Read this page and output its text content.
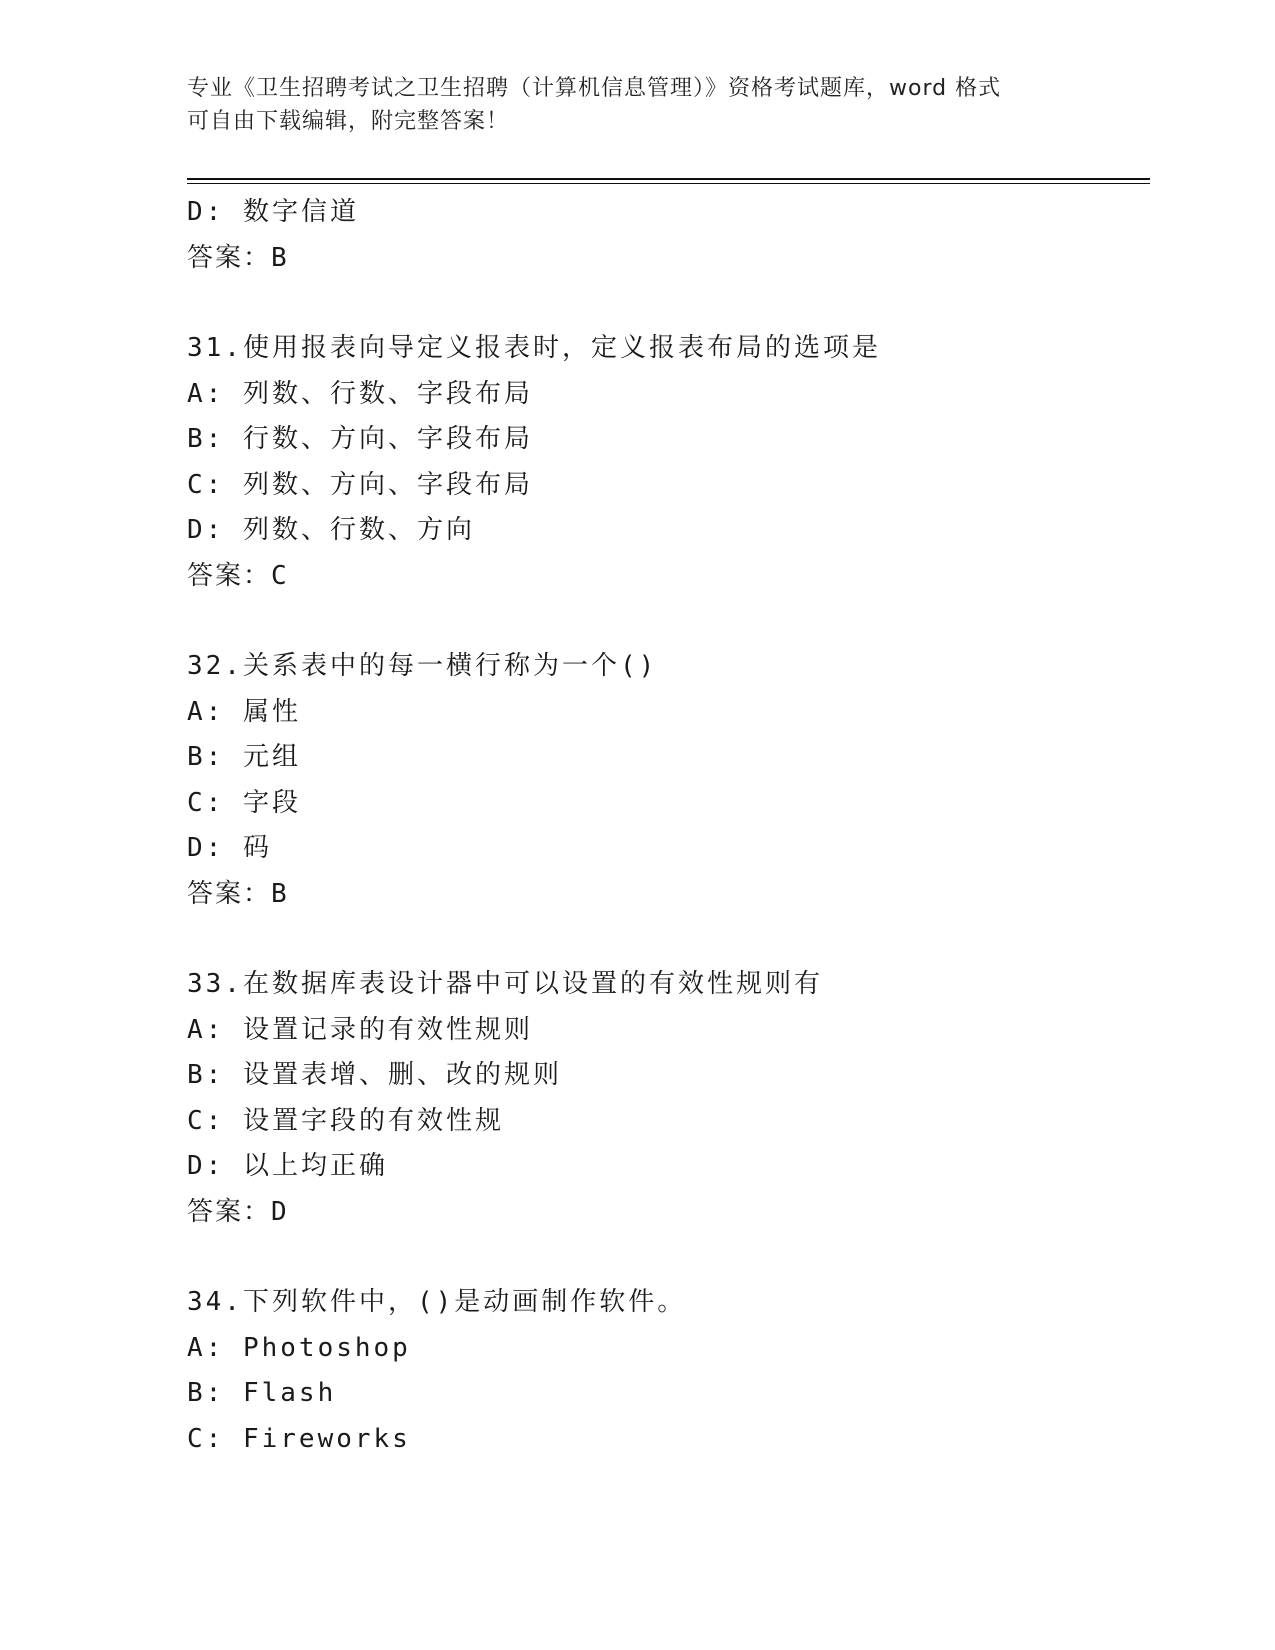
专业《卫生招聘考试之卫生招聘（计算机信息管理）》资格考试题库，word 格式
可自由下载编辑，附完整答案！
D: 数字信道
答案：B
31.使用报表向导定义报表时，定义报表布局的选项是
A: 列数、行数、字段布局
B: 行数、方向、字段布局
C: 列数、方向、字段布局
D: 列数、行数、方向
答案：C
32.关系表中的每一横行称为一个()
A: 属性
B: 元组
C: 字段
D: 码
答案：B
33.在数据库表设计器中可以设置的有效性规则有
A: 设置记录的有效性规则
B: 设置表增、删、改的规则
C: 设置字段的有效性规
D: 以上均正确
答案：D
34.下列软件中，()是动画制作软件。
A: Photoshop
B: Flash
C: Fireworks
